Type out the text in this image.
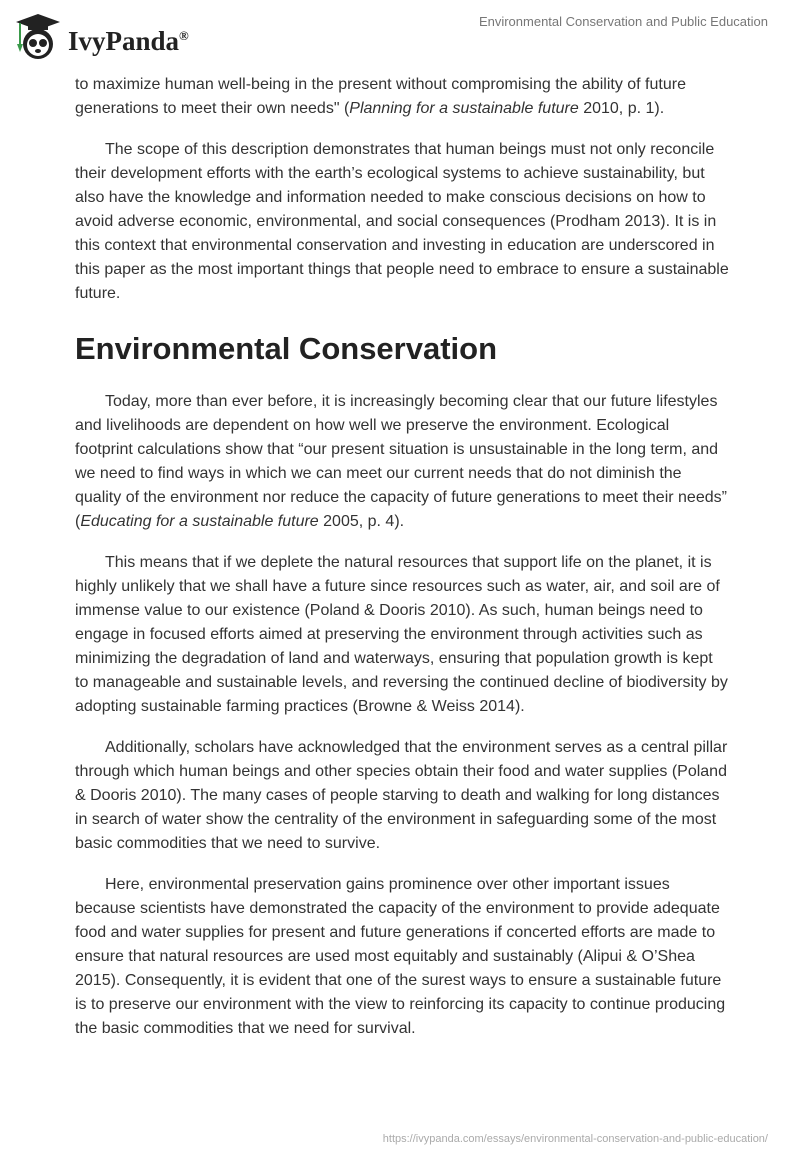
IvyPanda®
Environmental Conservation and Public Education

to maximize human well-being in the present without compromising the ability of future generations to meet their own needs" (Planning for a sustainable future 2010, p. 1).

The scope of this description demonstrates that human beings must not only reconcile their development efforts with the earth’s ecological systems to achieve sustainability, but also have the knowledge and information needed to make conscious decisions on how to avoid adverse economic, environmental, and social consequences (Prodham 2013). It is in this context that environmental conservation and investing in education are underscored in this paper as the most important things that people need to embrace to ensure a sustainable future.

Environmental Conservation

Today, more than ever before, it is increasingly becoming clear that our future lifestyles and livelihoods are dependent on how well we preserve the environment. Ecological footprint calculations show that “our present situation is unsustainable in the long term, and we need to find ways in which we can meet our current needs that do not diminish the quality of the environment nor reduce the capacity of future generations to meet their needs” (Educating for a sustainable future 2005, p. 4).

This means that if we deplete the natural resources that support life on the planet, it is highly unlikely that we shall have a future since resources such as water, air, and soil are of immense value to our existence (Poland & Dooris 2010). As such, human beings need to engage in focused efforts aimed at preserving the environment through activities such as minimizing the degradation of land and waterways, ensuring that population growth is kept to manageable and sustainable levels, and reversing the continued decline of biodiversity by adopting sustainable farming practices (Browne & Weiss 2014).

Additionally, scholars have acknowledged that the environment serves as a central pillar through which human beings and other species obtain their food and water supplies (Poland & Dooris 2010). The many cases of people starving to death and walking for long distances in search of water show the centrality of the environment in safeguarding some of the most basic commodities that we need to survive.

Here, environmental preservation gains prominence over other important issues because scientists have demonstrated the capacity of the environment to provide adequate food and water supplies for present and future generations if concerted efforts are made to ensure that natural resources are used most equitably and sustainably (Alipui & O’Shea 2015). Consequently, it is evident that one of the surest ways to ensure a sustainable future is to preserve our environment with the view to reinforcing its capacity to continue producing the basic commodities that we need for survival.

https://ivypanda.com/essays/environmental-conservation-and-public-education/
